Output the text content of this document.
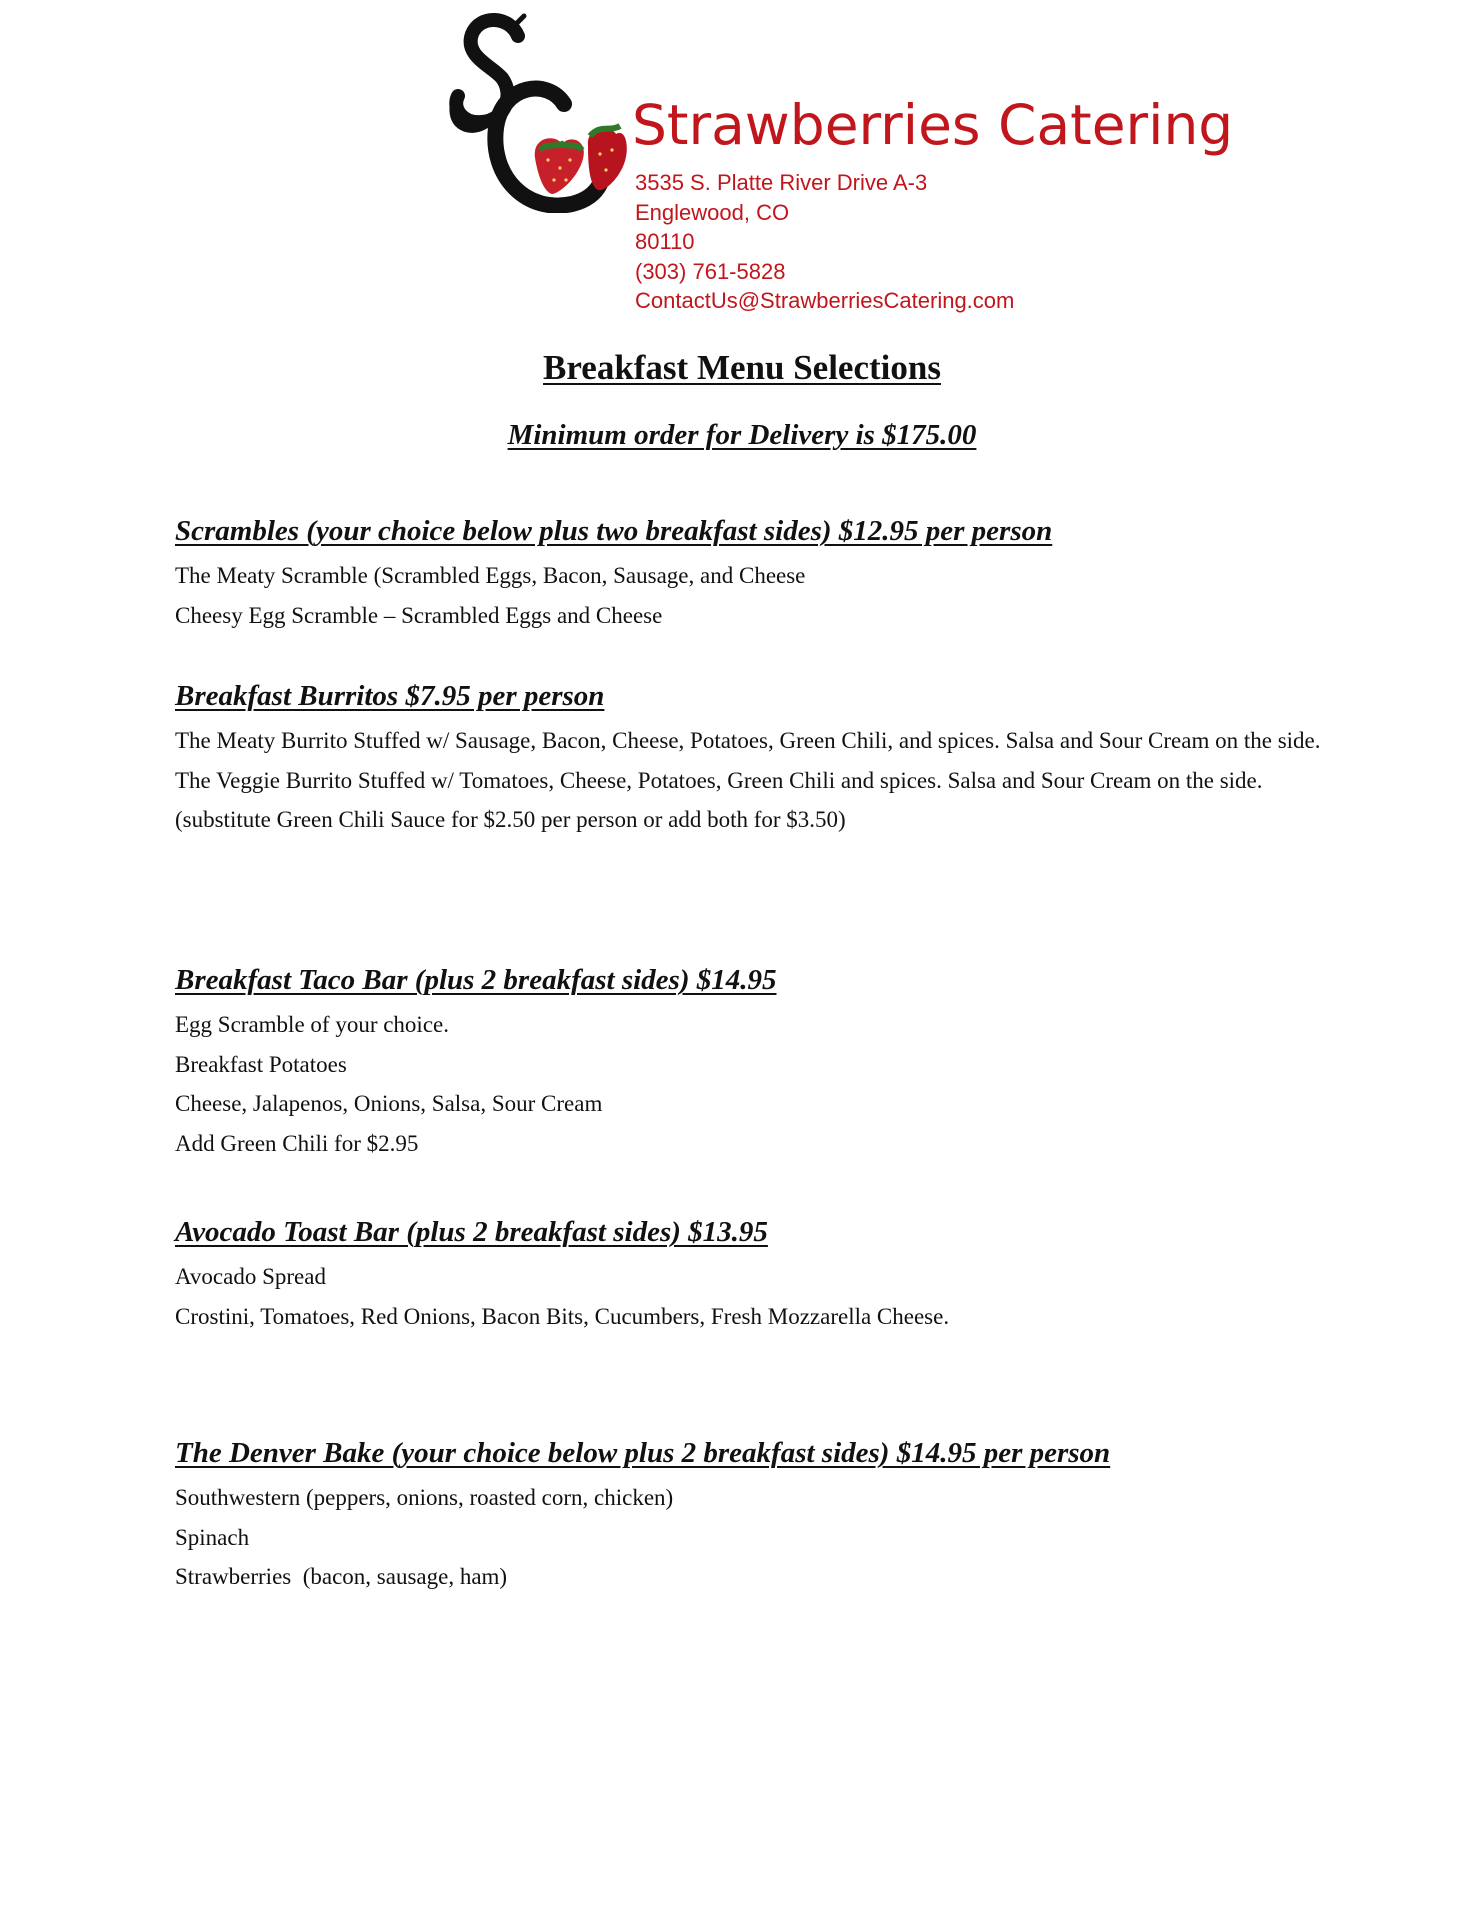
Strawberries Catering
3535 S. Platte River Drive A-3
Englewood, CO
80110
(303) 761-5828
ContactUs@StrawberriesCatering.com
Breakfast Menu Selections
Minimum order for Delivery is $175.00
Scrambles (your choice below plus two breakfast sides) $12.95 per person
The Meaty Scramble (Scrambled Eggs, Bacon, Sausage, and Cheese
Cheesy Egg Scramble – Scrambled Eggs and Cheese
Breakfast Burritos $7.95 per person
The Meaty Burrito Stuffed w/ Sausage, Bacon, Cheese, Potatoes, Green Chili, and spices. Salsa and Sour Cream on the side.
The Veggie Burrito Stuffed w/ Tomatoes, Cheese, Potatoes, Green Chili and spices. Salsa and Sour Cream on the side.
(substitute Green Chili Sauce for $2.50 per person or add both for $3.50)
Breakfast Taco Bar (plus 2 breakfast sides) $14.95
Egg Scramble of your choice.
Breakfast Potatoes
Cheese, Jalapenos, Onions, Salsa, Sour Cream
Add Green Chili for $2.95
Avocado Toast Bar (plus 2 breakfast sides) $13.95
Avocado Spread
Crostini, Tomatoes, Red Onions, Bacon Bits, Cucumbers, Fresh Mozzarella Cheese.
The Denver Bake (your choice below plus 2 breakfast sides) $14.95 per person
Southwestern (peppers, onions, roasted corn, chicken)
Spinach
Strawberries  (bacon, sausage, ham)
